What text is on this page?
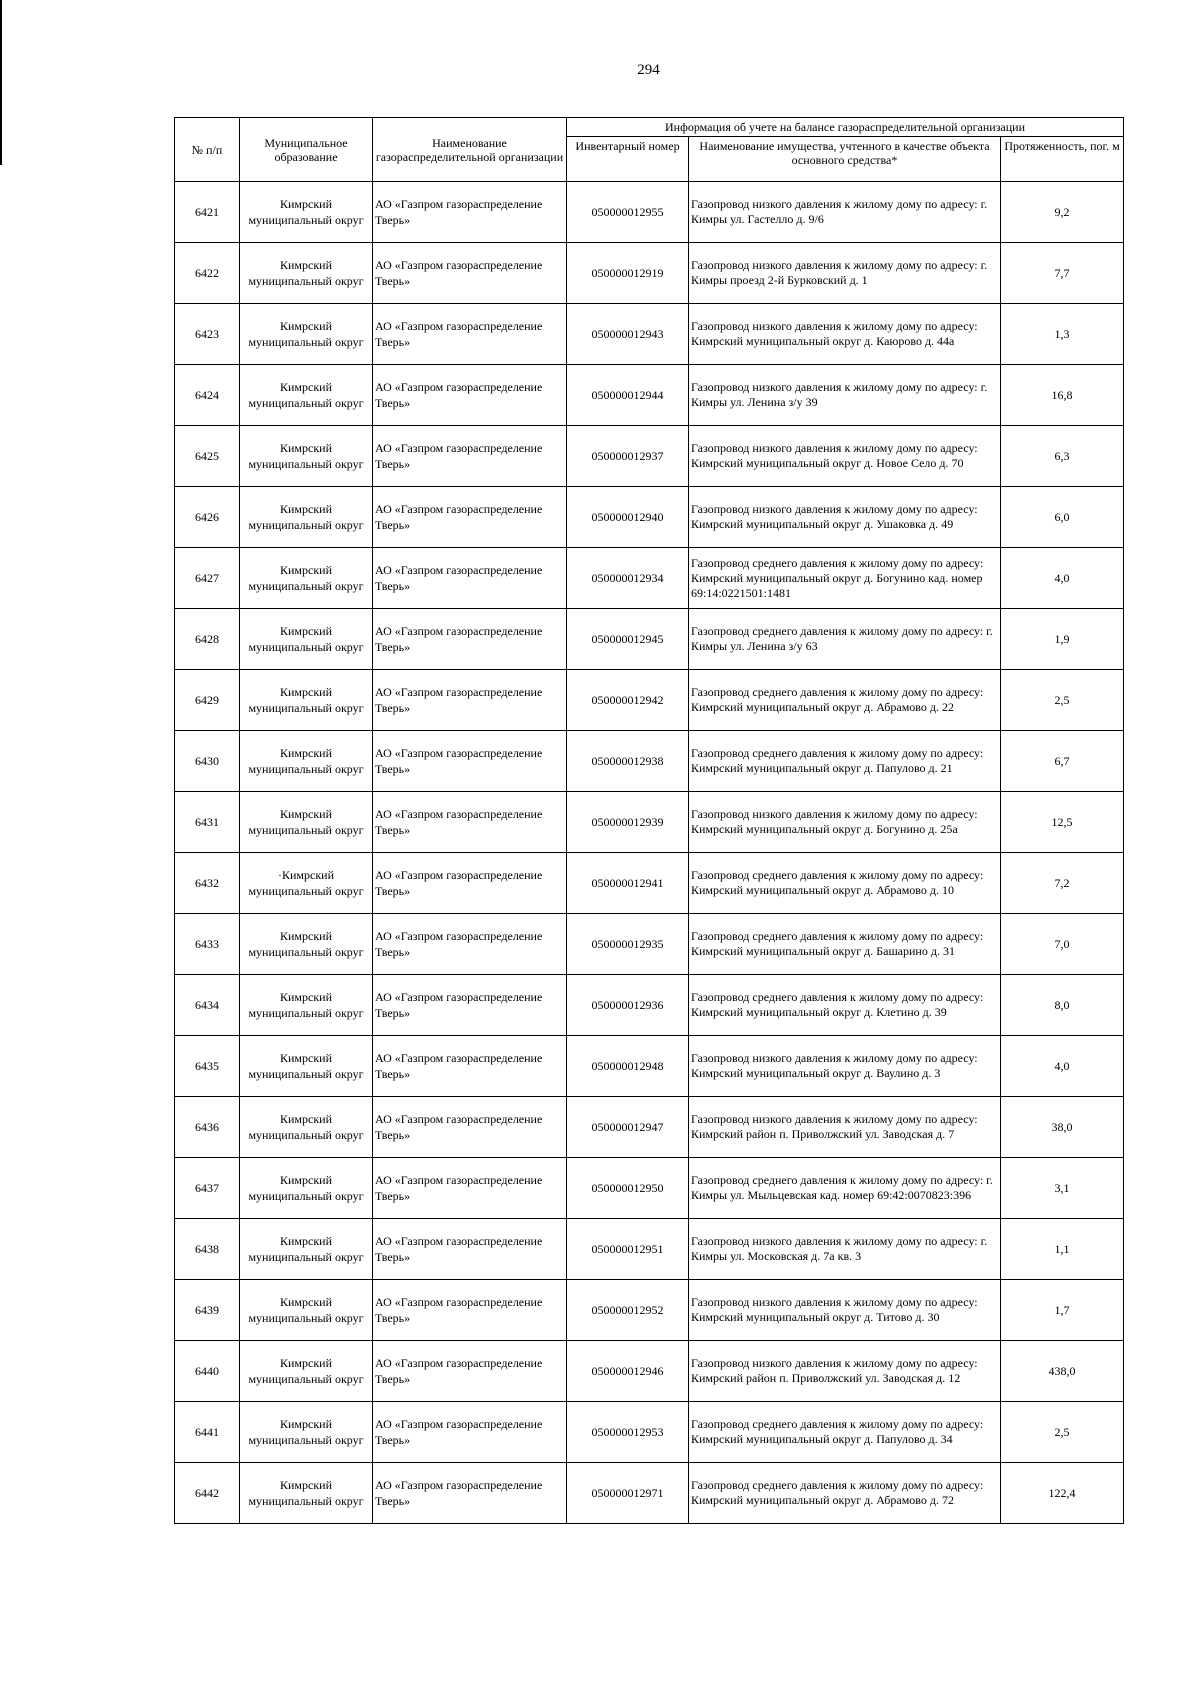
294
№ п/п	Муниципальное образование	Наименование газораспределительной организации	Информация об учете на балансе газораспределительной организации		
			Инвентарный номер	Наименование имущества, учтенного в качестве объекта основного средства*	Протяженность, пог. м
6421	Кимрский муниципальный округ	АО «Газпром газораспределение Тверь»	050000012955	Газопровод низкого давления к жилому дому по адресу: г. Кимры ул. Гастелло д. 9/6	9,2
6422	Кимрский муниципальный округ	АО «Газпром газораспределение Тверь»	050000012919	Газопровод низкого давления к жилому дому по адресу: г. Кимры проезд 2-й Бурковский д. 1	7,7
6423	Кимрский муниципальный округ	АО «Газпром газораспределение Тверь»	050000012943	Газопровод низкого давления к жилому дому по адресу: Кимрский муниципальный округ д. Каюрово д. 44а	1,3
6424	Кимрский муниципальный округ	АО «Газпром газораспределение Тверь»	050000012944	Газопровод низкого давления к жилому дому по адресу: г. Кимры ул. Ленина з/у 39	16,8
6425	Кимрский муниципальный округ	АО «Газпром газораспределение Тверь»	050000012937	Газопровод низкого давления к жилому дому по адресу: Кимрский муниципальный округ д. Новое Село д. 70	6,3
6426	Кимрский муниципальный округ	АО «Газпром газораспределение Тверь»	050000012940	Газопровод низкого давления к жилому дому по адресу: Кимрский муниципальный округ д. Ушаковка д. 49	6,0
6427	Кимрский муниципальный округ	АО «Газпром газораспределение Тверь»	050000012934	Газопровод среднего давления к жилому дому по адресу: Кимрский муниципальный округ д. Богунино кад. номер 69:14:0221501:1481	4,0
6428	Кимрский муниципальный округ	АО «Газпром газораспределение Тверь»	050000012945	Газопровод среднего давления к жилому дому по адресу: г. Кимры ул. Ленина з/у 63	1,9
6429	Кимрский муниципальный округ	АО «Газпром газораспределение Тверь»	050000012942	Газопровод среднего давления к жилому дому по адресу: Кимрский муниципальный округ д. Абрамово д. 22	2,5
6430	Кимрский муниципальный округ	АО «Газпром газораспределение Тверь»	050000012938	Газопровод среднего давления к жилому дому по адресу: Кимрский муниципальный округ д. Папулово д. 21	6,7
6431	Кимрский муниципальный округ	АО «Газпром газораспределение Тверь»	050000012939	Газопровод низкого давления к жилому дому по адресу: Кимрский муниципальный округ д. Богунино д. 25а	12,5
6432	·Кимрский муниципальный округ	АО «Газпром газораспределение Тверь»	050000012941	Газопровод среднего давления к жилому дому по адресу: Кимрский муниципальный округ д. Абрамово д. 10	7,2
6433	Кимрский муниципальный округ	АО «Газпром газораспределение Тверь»	050000012935	Газопровод среднего давления к жилому дому по адресу: Кимрский муниципальный округ д. Башарино д. 31	7,0
6434	Кимрский муниципальный округ	АО «Газпром газораспределение Тверь»	050000012936	Газопровод среднего давления к жилому дому по адресу: Кимрский муниципальный округ д. Клетино д. 39	8,0
6435	Кимрский муниципальный округ	АО «Газпром газораспределение Тверь»	050000012948	Газопровод низкого давления к жилому дому по адресу: Кимрский муниципальный округ д. Ваулино д. 3	4,0
6436	Кимрский муниципальный округ	АО «Газпром газораспределение Тверь»	050000012947	Газопровод низкого давления к жилому дому по адресу: Кимрский район п. Приволжский ул. Заводская д. 7	38,0
6437	Кимрский муниципальный округ	АО «Газпром газораспределение Тверь»	050000012950	Газопровод среднего давления к жилому дому по адресу: г. Кимры ул. Мыльцевская кад. номер 69:42:0070823:396	3,1
6438	Кимрский муниципальный округ	АО «Газпром газораспределение Тверь»	050000012951	Газопровод низкого давления к жилому дому по адресу: г. Кимры ул. Московская д. 7а кв. 3	1,1
6439	Кимрский муниципальный округ	АО «Газпром газораспределение Тверь»	050000012952	Газопровод низкого давления к жилому дому по адресу: Кимрский муниципальный округ д. Титово д. 30	1,7
6440	Кимрский муниципальный округ	АО «Газпром газораспределение Тверь»	050000012946	Газопровод низкого давления к жилому дому по адресу: Кимрский район п. Приволжский ул. Заводская д. 12	438,0
6441	Кимрский муниципальный округ	АО «Газпром газораспределение Тверь»	050000012953	Газопровод среднего давления к жилому дому по адресу: Кимрский муниципальный округ д. Папулово д. 34	2,5
6442	Кимрский муниципальный округ	АО «Газпром газораспределение Тверь»	050000012971	Газопровод среднего давления к жилому дому по адресу: Кимрский муниципальный округ д. Абрамово д. 72	122,4
